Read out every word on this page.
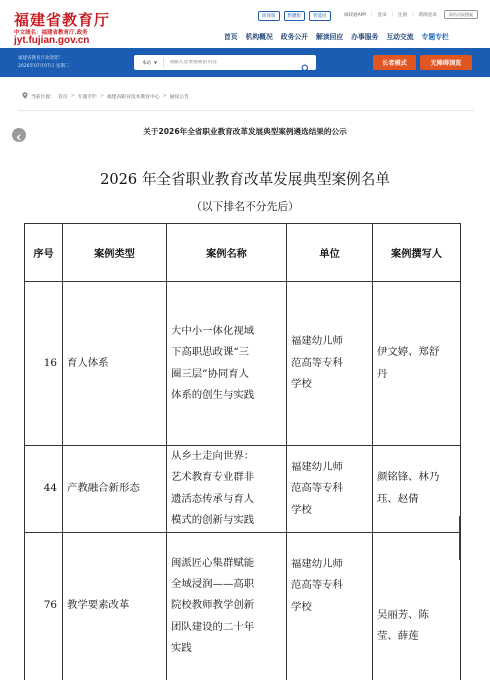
福建省教育厅
中文域名：福建省教育厅.政务
jyt.fujian.gov.cn
简体版	繁體版	智能问	闽政通APP | 登录 | 注册 | 新闻登录	网站问候搜索
首页 机构概况 政务公开 解读回应 办事服务 互动交流 专题专栏
福建省教育厅欢迎您！
2026年07月07日 星期二
本站 ▼
请输入您要搜索的内容	长者模式	无障碍浏览
当前位置： 首页 > 专题专栏 > 福建省职业技术教育中心 > 通知公告
关于2026年全省职业教育改革发展典型案例遴选结果的公示
2026 年全省职业教育改革发展典型案例名单
（以下排名不分先后）
序号	案例类型	案例名称	单位	案例撰写人
16	育人体系	大中小一体化视域
下高职思政课“三
圈三层”协同育人
体系的创生与实践	福建幼儿师
范高等专科
学校	伊文婷、郑舒
丹

44	产教融合新形态	从乡土走向世界：
艺术教育专业群非
遗活态传承与育人
模式的创新与实践	福建幼儿师
范高等专科
学校	颜铭锋、林乃
珏、赵倩

76	教学要素改革	闽派匠心集群赋能
全域浸润——高职
院校教师教学创新
团队建设的二十年
实践	福建幼儿师
范高等专科
学校	吴丽芳、陈
莹、薛莲
